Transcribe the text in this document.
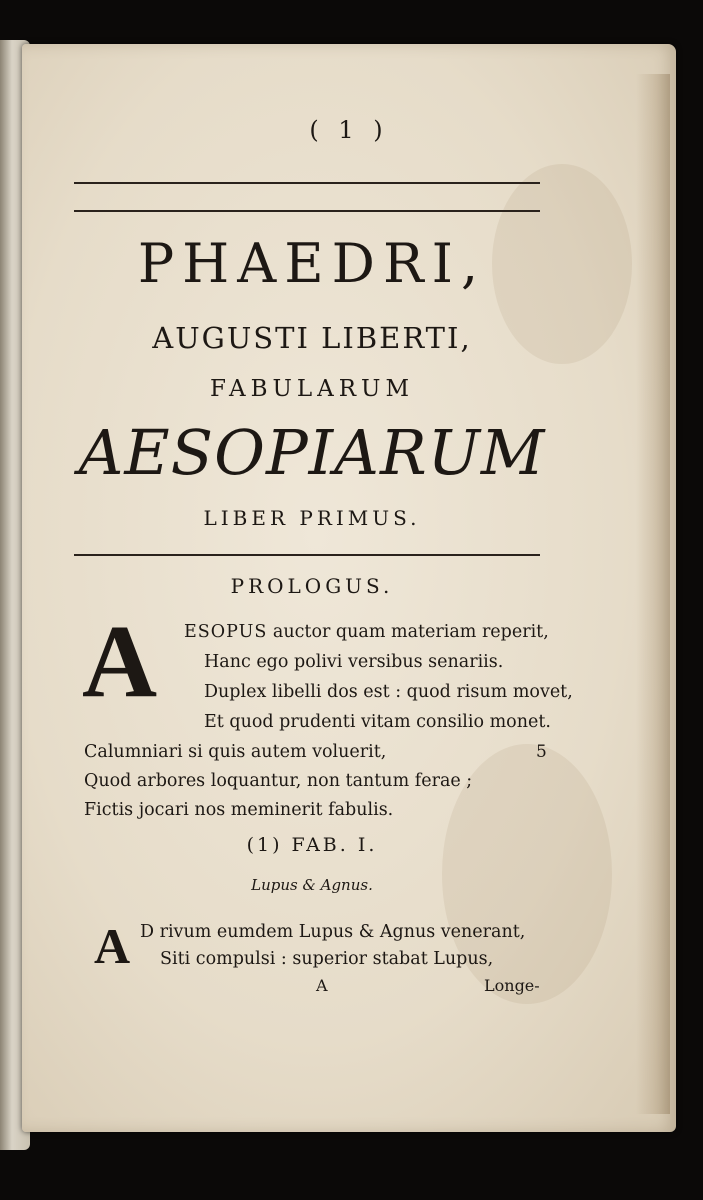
( 1 )
PHAEDRI,
AUGUSTI LIBERTI,
FABULARUM
AESOPIARUM
LIBER PRIMUS.
PROLOGUS.
A ESOPUS auctor quam materiam reperit,
Hanc ego polivi versibus senariis.
Duplex libelli dos est : quod risum movet,
Et quod prudenti vitam consilio monet.
Calumniari si quis autem voluerit,	5
Quod arbores loquantur, non tantum ferae ;
Fictis jocari nos meminerit fabulis.
(1) FAB. I.
Lupus & Agnus.
A D rivum eumdem Lupus & Agnus venerant,
Siti compulsi : superior stabat Lupus,
A	Longe-
